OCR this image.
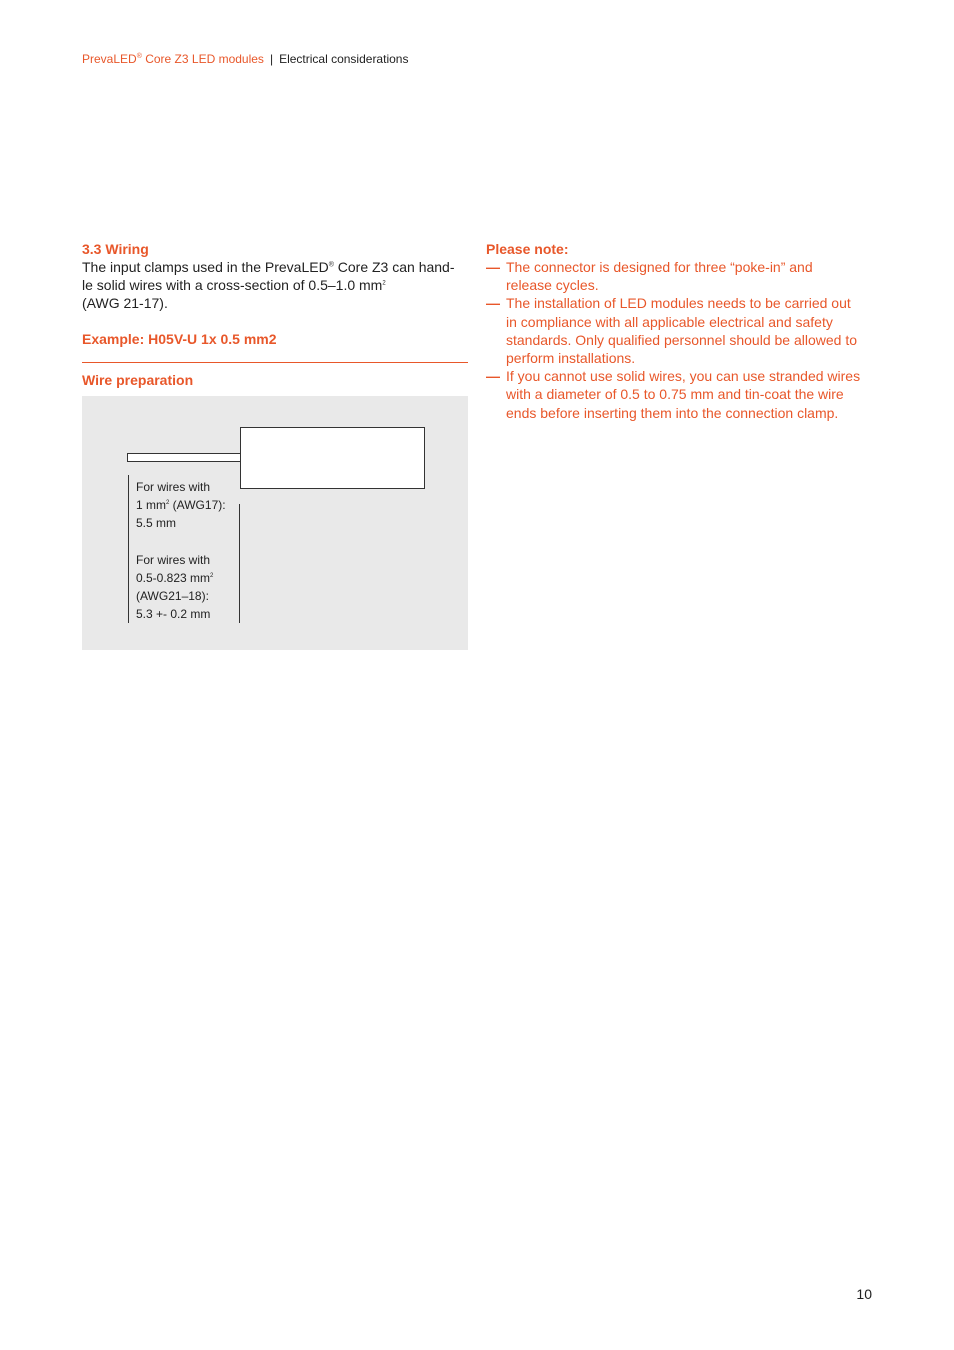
PrevaLED® Core Z3 LED modules | Electrical considerations
3.3 Wiring
The input clamps used in the PrevaLED® Core Z3 can hand-
le solid wires with a cross-section of 0.5–1.0 $mm^2$
(AWG 21-17).
Example: H05V-U 1x 0.5 mm2
Wire preparation
For wires with
1 $mm^2$ (AWG17):
5.5 mm
For wires with
0.5-0.823 $mm^2$
(AWG21–18):
5.3 +- 0.2 mm
Please note:
— The connector is designed for three “poke-in” and
release cycles.
— The installation of LED modules needs to be carried out
in compliance with all applicable electrical and safety
standards. Only qualified personnel should be allowed to
perform installations.
— If you cannot use solid wires, you can use stranded wires
with a diameter of 0.5 to 0.75 mm and tin-coat the wire
ends before inserting them into the connection clamp.
10
